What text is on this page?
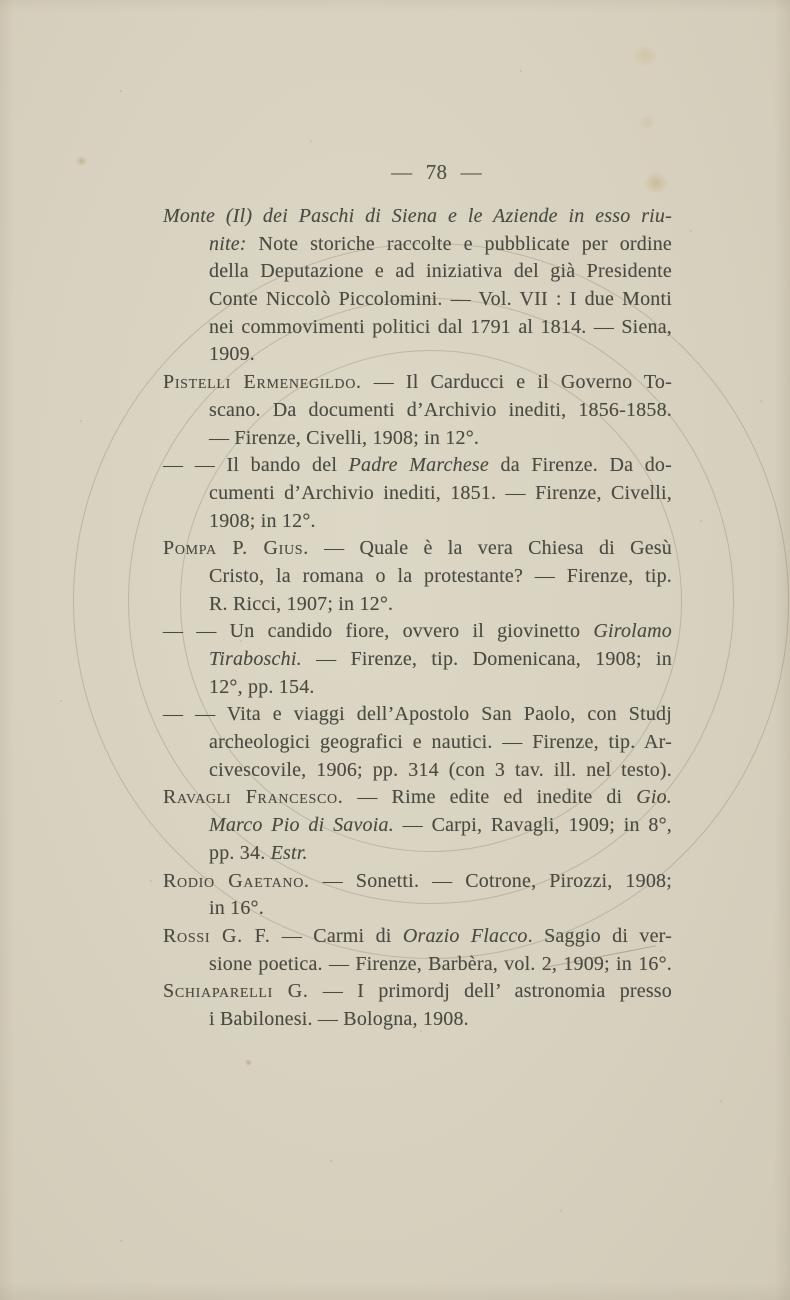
— 78 —
Monte (Il) dei Paschi di Siena e le Aziende in esso riu-
nite: Note storiche raccolte e pubblicate per ordine
della Deputazione e ad iniziativa del già Presidente
Conte Niccolò Piccolomini. — Vol. VII : I due Monti
nei commovimenti politici dal 1791 al 1814. — Siena,
1909.
Pistelli Ermenegildo. — Il Carducci e il Governo To-
scano. Da documenti d’Archivio inediti, 1856-1858.
— Firenze, Civelli, 1908; in 12°.
— — Il bando del Padre Marchese da Firenze. Da do-
cumenti d’Archivio inediti, 1851. — Firenze, Civelli,
1908; in 12°.
Pompa P. Gius. — Quale è la vera Chiesa di Gesù
Cristo, la romana o la protestante? — Firenze, tip.
R. Ricci, 1907; in 12°.
— — Un candido fiore, ovvero il giovinetto Girolamo
Tiraboschi. — Firenze, tip. Domenicana, 1908; in
12°, pp. 154.
— — Vita e viaggi dell’Apostolo San Paolo, con Studj
archeologici geografici e nautici. — Firenze, tip. Ar-
civescovile, 1906; pp. 314 (con 3 tav. ill. nel testo).
Ravagli Francesco. — Rime edite ed inedite di Gio.
Marco Pio di Savoia. — Carpi, Ravagli, 1909; in 8°,
pp. 34. Estr.
Rodio Gaetano. — Sonetti. — Cotrone, Pirozzi, 1908;
in 16°.
Rossi G. F. — Carmi di Orazio Flacco. Saggio di ver-
sione poetica. — Firenze, Barbèra, vol. 2, 1909; in 16°.
Schiaparelli G. — I primordj dell’ astronomia presso
i Babilonesi. — Bologna, 1908.
